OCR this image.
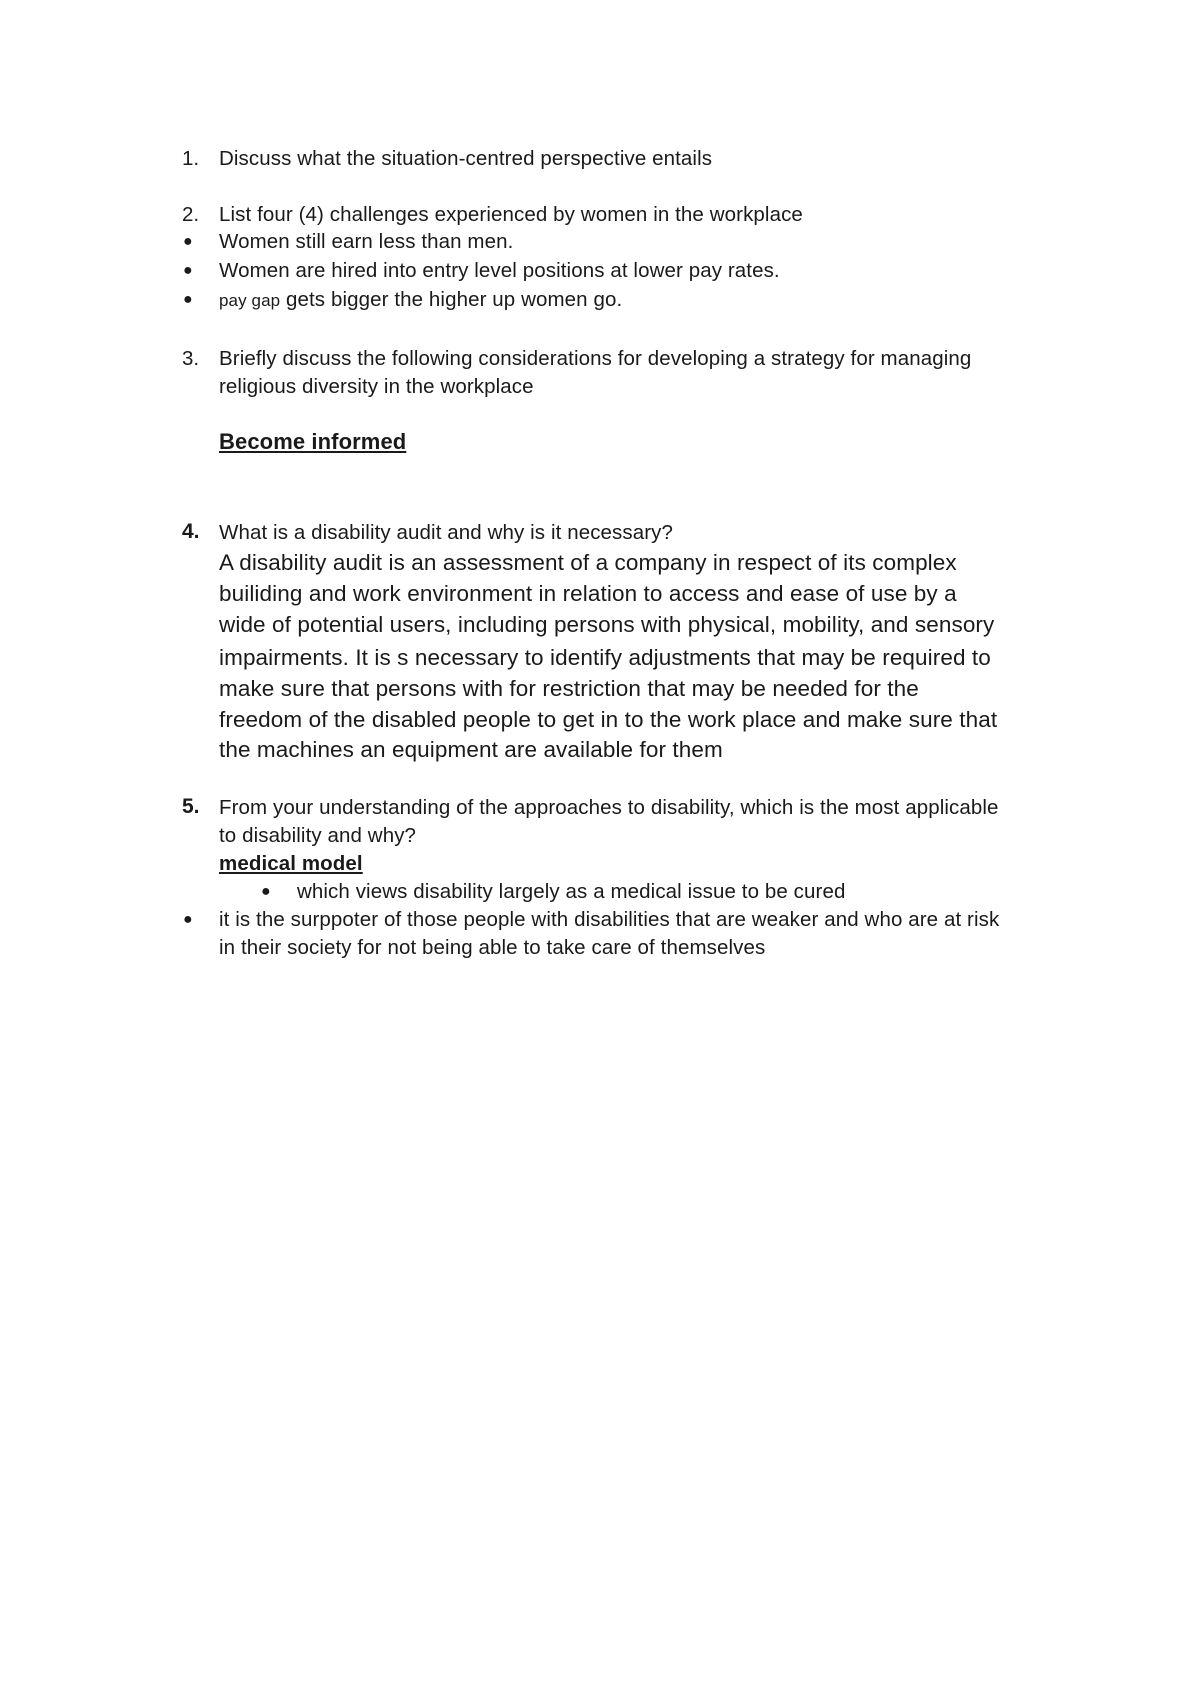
1. Discuss what the situation-centred perspective entails
2. List four (4) challenges experienced by women in the workplace
● Women still earn less than men.
● Women are hired into entry level positions at lower pay rates.
● pay gap gets bigger the higher up women go.
3. Briefly discuss the following considerations for developing a strategy for managing
religious diversity in the workplace
Become informed
4. What is a disability audit and why is it necessary?
A disability audit is an assessment of a company in respect of its complex
builiding and work environment in relation to access and ease of use by a
wide of potential users, including persons with physical, mobility, and sensory
impairments. It is s necessary to identify adjustments that may be required to
make sure that persons with for restriction that may be needed for the
freedom of the disabled people to get in to the work place and make sure that
the machines an equipment are available for them
5. From your understanding of the approaches to disability, which is the most applicable
to disability and why?
medical model
● which views disability largely as a medical issue to be cured
● it is the surppoter of those people with disabilities that are weaker and who are at risk
in their society for not being able to take care of themselves
